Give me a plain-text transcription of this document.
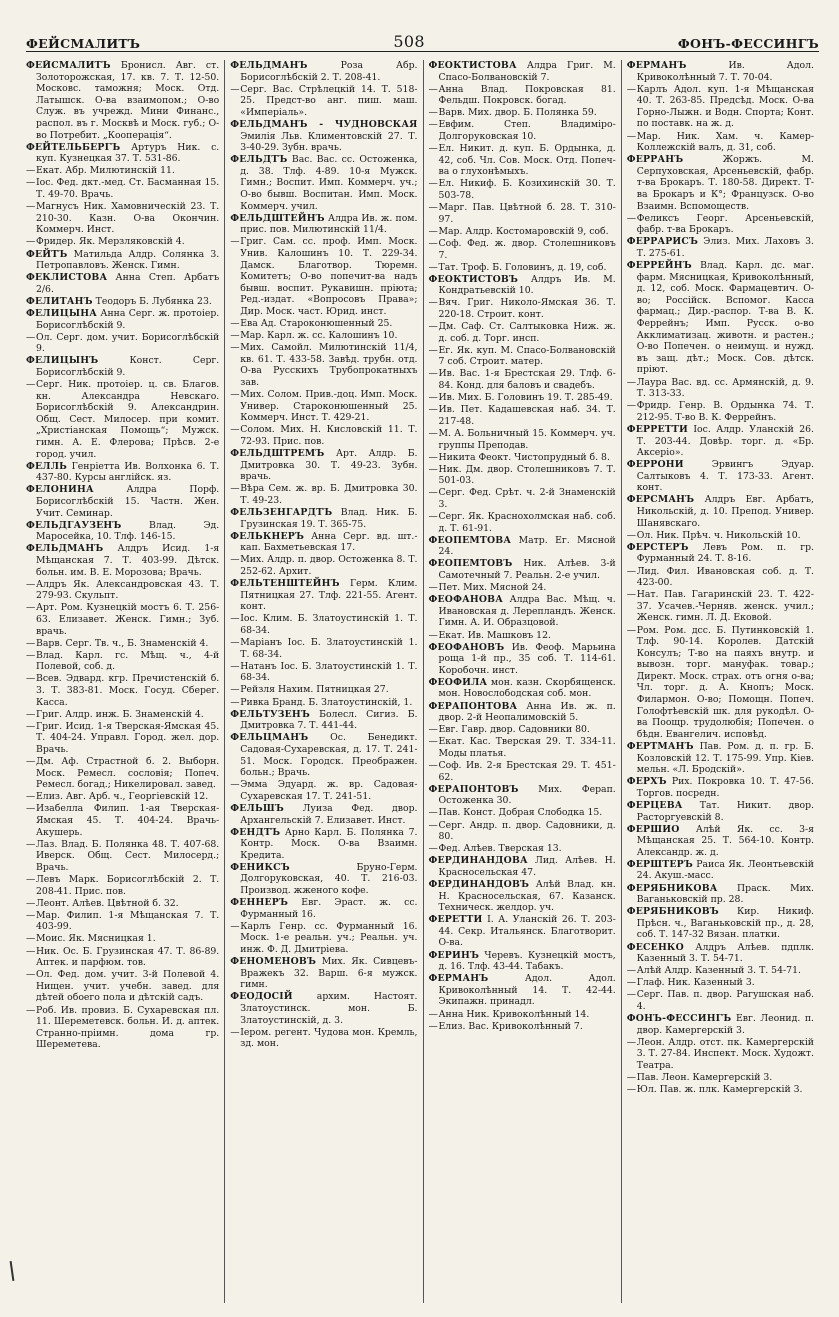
ФЕЙСМАЛИТЪ	508	ФОНЪ-ФЕССИНГЪ
ФЕЙСМАЛИТЪ Бронисл. Авг. ст. Золоторожская, 17. кв. 7. Т. 12-50. Московс. таможня; Моск. Отд. Латышск. О-ва взаимопом.; О-во Служ. въ учрежд. Мини Финанс., распол. въ г. Москвѣ и Моск. губ.; О-во Потребит. „Кооперація“.
ФЕЙТЕЛЬБЕРГЪ Артуръ Ник. с. куп. Кузнецкая 37. Т. 531-86.
—Екат. Абр. Милютинскій 11.
—Іос. Фед. дкт.-мед. Ст. Басманная 15. Т. 49-70. Врачь.
—Магнусъ Ник. Хамовническій 23. Т. 210-30. Казн. О-ва Окончин. Коммерч. Инст.
—Фридер. Як. Мерзляковскій 4.
ФЕЙТЪ Матильда Алдр. Солянка 3. Петропавловъ. Женск. Гимн.
ФЕКЛИСТОВА Анна Степ. Арбатъ 2/6.
ФЕЛИТАНЪ Теодоръ Б. Лубянка 23.
ФЕЛИЦЫНА Анна Серг. ж. протоіер. Борисоглѣбскій 9.
—Ол. Серг. дом. учит. Борисоглѣбскій 9.
ФЕЛИЦЫНЪ	Конст. Серг. Борисоглѣбскій 9.
—Серг. Ник. протоіер. ц. св. Благов. кн. Александра Невскаго. Борисоглѣбскій 9. Александрин. Общ. Сест. Милосер. при комит. „Христіанская Помощь“; Мужск. гимн. А. Е. Флерова; Прѣсв. 2-е город. учил.
ФЕЛЛЬ Генріетта Ив. Волхонка 6. Т. 437-80. Курсы англійск. яз.
ФЕЛОНИНА	Алдра Порф. Борисоглѣбскій 15. Частн. Жен. Учит. Семинар.
ФЕЛЬДГАУЗЕНЪ	Влад. Эд. Маросейка, 10. Тлф. 146-15.
ФЕЛЬДМАНЪ Алдръ Исид. 1-я Мѣщанская 7. Т. 403-99. Дѣтск. больн. им. В. Е. Морозова; Врачь.
—Алдръ Як. Александровская 43. Т. 279-93. Скульпт.
—Арт. Ром. Кузнецкій мостъ 6. Т. 256-63. Елизавет. Женск. Гимн.; Зуб. врачь.
—Варв. Серг. Тв. ч., Б. Знаменскій 4.
—Влад. Карл. гс. Мѣщ. ч., 4-й Полевой, соб. д.
—Всев. Эдвард. кгр. Пречистенскій б. 3. Т. 383-81. Моск. Госуд. Сберег. Касса.
—Григ. Алдр. инж. Б. Знаменскій 4.
—Григ. Исид. 1-я Тверская-Ямская 45. Т. 404-24. Управл. Город. жел. дор. Врачь.
—Дм. Аф. Страстной б. 2. Выборн. Моск. Ремесл. сословія; Попеч. Ремесл. богад.; Никелировал. завед.
—Елиз. Авг. Арб. ч., Георгіевскій 12.
—Изабелла Филип. 1-ая Тверская-Ямская 45. Т. 404-24. Врачь-Акушерь.
—Лаз. Влад. Б. Полянка 48. Т. 407-68. Иверск. Общ. Сест. Милосерд.; Врачь.
—Левъ Марк. Борисоглѣбскій 2. Т. 208-41. Прис. пов.
—Леонт. Алѣев. Цвѣтной б. 32.
—Мар. Филип. 1-я Мѣщанская 7. Т. 403-99.
—Моис. Як. Мясницкая 1.
—Ник. Ос. Б. Грузинская 47. Т. 86-89. Аптек. и парфюм. тов.
—Ол. Фед. дом. учит. 3-й Полевой 4. Нищен. учит. учебн. завед. для дѣтей обоего пола и дѣтскій садъ.
—Роб. Ив. провиз. Б. Сухаревская пл. 11. Шереметевск. больн. И. д. аптек. Странно-пріимн. дома гр. Шереметева.
ФЕЛЬДМАНЪ	Роза Абр. Борисоглѣбскій 2. Т. 208-41.
—Серг. Вас. Стрѣлецкій 14. Т. 518-25. Предст-во анг. пиш. маш. «Имперіаль».
ФЕЛЬДМАНЪ - ЧУДНОВСКАЯ Эмилія Льв. Климентовскій 27. Т. 3-40-29. Зубн. врачь.
ФЕЛЬДТЪ Вас. Вас. сс. Остоженка, д. 38. Тлф. 4-89. 10-я Мужск. Гимн.; Воспит. Имп. Коммерч. уч.; О-во бывш. Воспитан. Имп. Моск. Коммерч. учил.
ФЕЛЬДШТЕЙНЪ Алдра Ив. ж. пом. прис. пов. Милютинскій 11/4.
—Григ. Сам. сс. проф. Имп. Моск. Унив. Калошинъ 10. Т. 229-34. Дамск. Благотвор. Тюремн. Комитетъ; О-во попечит-ва надъ бывш. воспит. Рукавишн. пріюта; Ред.-издат. «Вопросовъ Права»; Дир. Моск. част. Юрид. инст.
—Ева Ад. Староконюшенный 25.
—Мар. Карл. ж. сс. Калошинъ 10.
—Мих. Самойл. Милютинскій 11/4, кв. 61. Т. 433-58. Завѣд. трубн. отд. О-ва Русскихъ Трубопрокатныхъ зав.
—Мих. Солом. Прив.-доц. Имп. Моск. Универ. Староконюшенный 25. Коммерч. Инст. Т. 429-21.
—Солом. Мих. Н. Кисловскій 11. Т. 72-93. Прис. пов.
ФЕЛЬДШТРЕМЪ Арт. Алдр. Б. Дмитровка 30. Т. 49-23. Зубн. врачь.
—Вѣра Сем. ж. вр. Б. Дмитровка 30. Т. 49-23.
ФЕЛЬЗЕНГАРДТЪ Влад. Ник. Б. Грузинская 19. Т. 365-75.
ФЕЛЬКНЕРЪ Анна Серг. вд. шт.-кап. Бахметьевская 17.
—Мих. Алдр. п. двор. Остоженка 8. Т. 252-62. Архит.
ФЕЛЬТЕНШТЕЙНЪ Герм. Клим. Пятницкая 27. Тлф. 221-55. Агент. конт.
—Іос. Клим. Б. Златоустинскій 1. Т. 68-34.
—Маріанъ Іос. Б. Златоустинскій 1. Т. 68-34.
—Натанъ Іос. Б. Златоустинскій 1. Т. 68-34.
—Рейзля Нахим. Пятницкая 27.
—Ривка Бранд. Б. Златоустинскій, 1.
ФЕЛЬТУЗЕНЪ Болесл. Сигиз. Б. Дмитровка 7. Т. 441-44.
ФЕЛЬЦМАНЪ Ос. Бенедикт. Садовая-Сухаревская, д. 17. Т. 241-51. Моск. Городск. Преображен. больн.; Врачь.
—Эмма Эдуард. ж. вр. Садовая-Сухаревская 17. Т. 241-51.
ФЕЛЬШЪ Луиза Фед. двор. Архангельскій 7. Елизавет. Инст.
ФЕНДТЪ Арно Карл. Б. Полянка 7. Контр. Моск. О-ва Взаимн. Кредита.
ФЕНИКСЪ	Бруно-Герм. Долгоруковская, 40. Т. 216-03. Производ. жженого кофе.
ФЕННЕРЪ Евг. Эраст. ж. сс. Фурманный 16.
—Карлъ Генр. сс. Фурманный 16. Моск. 1-е реальн. уч.; Реальн. уч. инж. Ф. Д. Дмитріева.
ФЕНОМЕНОВЪ Мих. Як. Сивцевъ-Вражекъ 32. Варш. 6-я мужск. гимн.
ФЕОДОСІЙ	архим. Настоят. Златоустинск. мон. Б. Златоустинскій, д. 3.
—Іером. регент. Чудова мон. Кремль, зд. мон.
ФЕОКТИСТОВА Алдра Григ. М. Спасо-Болвановскій 7.
—Анна Влад. Покровская 81. Фельдш. Покровск. богад.
—Варв. Мих. двор. Б. Полянка 59.
—Евфим. Степ. Владиміро-Долгоруковская 10.
—Ел. Никит. д. куп. Б. Ордынка, д. 42, соб. Чл. Сов. Моск. Отд. Попеч-ва о глухонѣмыхъ.
—Ел. Никиф. Б. Козихинскій 30. Т. 503-78.
—Марг. Пав. Цвѣтной б. 28. Т. 310-97.
—Мар. Алдр. Костомаровскій 9, соб.
—Соф. Фед. ж. двор. Столешниковъ 7.
—Тат. Троф. Б. Головинъ, д. 19, соб.
ФЕОКТИСТОВЪ Алдръ Ив. М. Кондратьевскій 10.
—Вяч. Григ. Николо-Ямская 36. Т. 220-18. Строит. конт.
—Дм. Саф. Ст. Салтыковка Ниж. ж. д. соб. д. Торг. инсп.
—Ег. Як. куп. М. Спасо-Болвановскій 7 соб. Строит. матер.
—Ив. Вас. 1-я Брестская 29. Тлф. 6-84. Конд. для баловъ и свадебъ.
—Ив. Мих. Б. Головинъ 19. Т. 285-49.
—Ив. Пет. Кадашевская наб. 34. Т. 217-48.
—М. А. Больничный 15. Коммерч. уч. группы Преподав.
—Никита Феокт. Чистопрудный б. 8.
—Ник. Дм. двор. Столешниковъ 7. Т. 501-03.
—Серг. Фед. Срѣт. ч. 2-й Знаменскій 3.
—Серг. Як. Краснохолмская наб. соб. д. Т. 61-91.
ФЕОПЕМТОВА Матр. Ег. Мясной 24.
ФЕОПЕМТОВЪ Ник. Алѣев. 3-й Самотечный 7. Реальн. 2-е учил.
—Пет. Мих. Мясной 24.
ФЕОФАНОВА Алдра Вас. Мѣщ. ч. Ивановская д. Лерепландъ. Женск. Гимн. А. И. Образцовой.
—Екат. Ив. Машковъ 12.
ФЕОФАНОВЪ Ив. Феоф. Марьина роща 1-й пр., 35 соб. Т. 114-61. Коробочн. инст.
ФЕОФИЛА мон. казн. Скорбященск. мон. Новослободская соб. мон.
ФЕРАПОНТОВА Анна Ив. ж. п. двор. 2-й Неопалимовскій 5.
—Евг. Гавр. двор. Садовники 80.
—Екат. Кас. Тверская 29. Т. 334-11. Моды платья.
—Соф. Ив. 2-я Брестская 29. Т. 451-62.
ФЕРАПОНТОВЪ Мих. Ферап. Остоженка 30.
—Пав. Конст. Добрая Слободка 15.
—Серг. Андр. п. двор. Садовники, д. 80.
—Фед. Алѣев. Тверская 13.
ФЕРДИНАНДОВА Лид. Алѣев. Н. Красносельская 47.
ФЕРДИНАНДОВЪ Алѣй Влад. кн. Н. Красносельская, 67. Казанск. Техническ. желдор. уч.
ФЕРЕТТИ І. А. Уланскій 26. Т. 203-44. Секр. Итальянск. Благотворит. О-ва.
ФЕРИНЪ Черевъ. Кузнецкій мостъ, д. 16. Тлф. 43-44. Табакъ.
ФЕРМАНЪ	Адол. Адол. Кривоколѣнный 14. Т. 42-44. Экипажн. принадл.
—Анна Ник. Кривоколѣнный 14.
—Елиз. Вас. Кривоколѣнный 7.
ФЕРМАНЪ	Ив. Адол. Кривоколѣнный 7. Т. 70-04.
—Карлъ Адол. куп. 1-я Мѣщанская 40. Т. 263-85. Предсѣд. Моск. О-ва Горно-Лыжн. и Водн. Спорта; Конт. по поставк. на ж. д.
—Мар. Ник. Хам. ч. Камер-Коллежскій валъ, д. 31, соб.
ФЕРРАНЪ	Жоржъ. М. Серпуховская, Арсеньевскій, фабр. т-ва Брокаръ. Т. 180-58. Директ. Т-ва Брокаръ и К°; Французск. О-во Взаимн. Вспомоществ.
—Феликсъ Георг. Арсеньевскій, фабр. т-ва Брокаръ.
ФЕРРАРИСЪ Элиз. Мих. Лаховъ 3. Т. 275-61.
ФЕРРЕЙНЪ Влад. Карл. дс. маг. фарм. Мясницкая, Кривоколѣнный, д. 12, соб. Моск. Фармацевтич. О-во; Россійск. Вспомог. Касса фармац.; Дир.-распор. Т-ва В. К. Феррейнъ; Имп. Русск. о-во Акклиматизац. животн. и растен.; О-во Попечен. о неимущ. и нужд. въ защ. дѣт.; Моск. Сов. дѣтск. пріют.
—Лаура Вас. вд. сс. Армянскій, д. 9. Т. 313-33.
—Фридр. Генр. В. Ордынка 74. Т. 212-95. Т-во В. К. Феррейнъ.
ФЕРРЕТТИ Іос. Алдр. Уланскій 26. Т. 203-44. Довѣр. торг. д. «Бр. Аксерio».
ФЕРРОНИ	Эрвингъ Эдуар. Салтыковъ 4. Т. 173-33. Агент. конт.
ФЕРСМАНЪ Алдръ Евг. Арбатъ, Никольскій, д. 10. Препод. Универ. Шанявскаго.
—Ол. Ник. Прѣч. ч. Никольскій 10.
ФЕРСТЕРЪ Левъ Ром. п. гр. Фурманный 24. Т. 8-16.
—Лид. Фил. Ивановская соб. д. Т. 423-00.
—Нат. Пав. Гагаринскій 23. Т. 422-37. Усачев.-Черняв. женск. учил.; Женск. гимн. Л. Д. Ековой.
—Ром. Ром. дсс. Б. Путинковскій 1. Тлф. 90-14. Королев. Датскій Консулъ; Т-во на паяхъ внутр. и вывозн. торг. мануфак. товар.; Директ. Моск. страх. отъ огня о-ва; Чл. торг. д. А. Кнопъ; Моск. Филармон. О-во; Помощн. Попеч. Голофтѣевскій шк. для рукодѣл. О-ва Поощр. трудолюбія; Попечен. о бѣдн. Евангелич. исповѣд.
ФЕРТМАНЪ Пав. Ром. д. п. гр. Б. Козловскій 12. Т. 175-99. Упр. Кіев. мельн. «Л. Бродскій».
ФЕРХЪ Рих. Покровка 10. Т. 47-56. Торгов. посредн.
ФЕРЦЕВА Тат. Никит. двор. Расторгуевскій 8.
ФЕРШИО Алѣй Як. сс. 3-я Мѣщанская 25. Т. 564-10. Контр. Александр. ж. д.
ФЕРШТЕРЪ Раиса Як. Леонтьевскій 24. Акуш.-масс.
ФЕРЯБНИКОВА Праск. Мих. Ваганьковскій пр. 28.
ФЕРЯБНИКОВЪ Кир. Никиф. Прѣсн. ч., Ваганьковскій пр., д. 28, соб. Т. 147-32 Вязан. платки.
ФЕСЕНКО Алдръ Алѣев. пдплк. Казенный 3. Т. 54-71.
—Алѣй Алдр. Казенный 3. Т. 54-71.
—Глаф. Ник. Казенный 3.
—Серг. Пав. п. двор. Рагушская наб. 4.
ФОНЪ-ФЕССИНГЪ Евг. Леонид. п. двор. Камергерскій 3.
—Леон. Алдр. отст. пк. Камергерскій 3. Т. 27-84. Инспект. Моск. Художт. Театра.
—Пав. Леон. Камергерскій 3.
—Юл. Пав. ж. плк. Камергерскій 3.
